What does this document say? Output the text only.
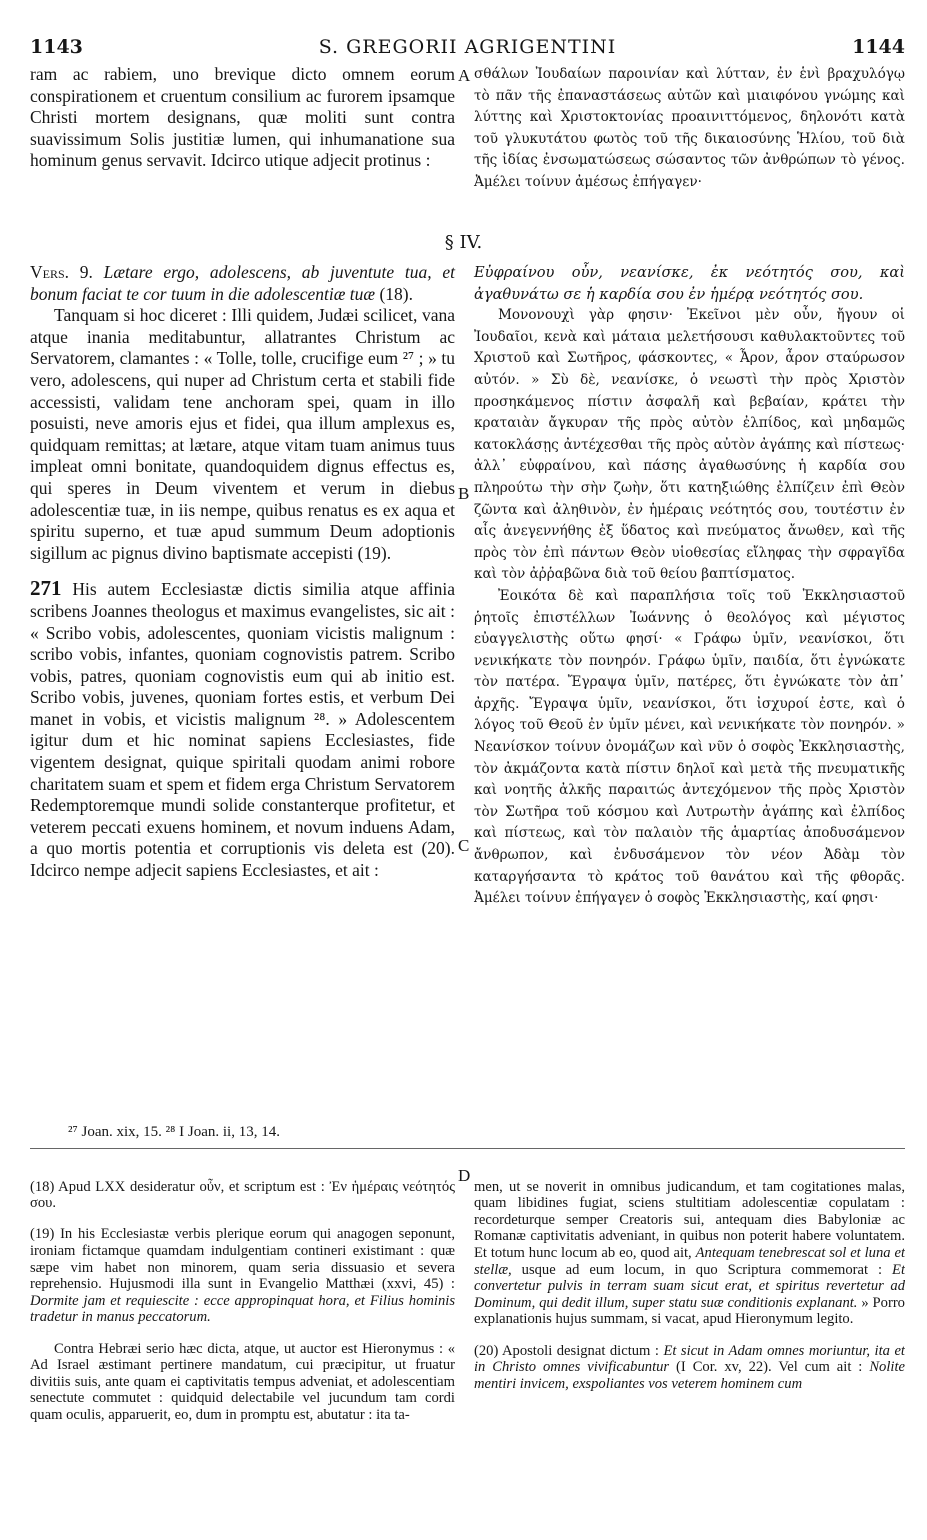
1143	S. GREGORII AGRIGENTINI	1144

ram ac rabiem, uno brevique dicto omnem eorum conspirationem et cruentum consilium ac furorem ipsamque Christi mortem designans, quæ moliti sunt contra suavissimum Solis justitiæ lumen, qui inhumanatione sua hominum genus servavit. Idcirco utique adjecit protinus :

A σθάλων Ἰουδαίων παροινίαν καὶ λύτταν, ἐν ἑνὶ βραχυλόγῳ τὸ πᾶν τῆς ἐπαναστάσεως αὐτῶν καὶ μιαιφόνου γνώμης καὶ λύττης καὶ Χριστοκτονίας προαινιττόμενος, δηλονότι κατὰ τοῦ γλυκυτάτου φωτὸς τοῦ τῆς δικαιοσύνης Ἡλίου, τοῦ διὰ τῆς ἰδίας ἐνσωματώσεως σώσαντος τῶν ἀνθρώπων τὸ γένος. Ἀμέλει τοίνυν ἀμέσως ἐπήγαγεν·

§ IV.

Vers. 9. Lætare ergo, adolescens, ab juventute tua, et bonum faciat te cor tuum in die adolescentiæ tuæ (18).

Tanquam si hoc diceret : Illi quidem, Judæi scilicet, vana atque inania meditabuntur, allatrantes Christum ac Servatorem, clamantes : « Tolle, tolle, crucifige eum ²⁷ ; » tu vero, adolescens, qui nuper ad Christum certa et stabili fide accessisti, validam tene anchoram spei, quam in illo posuisti, neve amoris ejus et fidei, qua illum amplexus es, quidquam remittas; at lætare, atque vitam tuam animus tuus impleat omni bonitate, quandoquidem dignus effectus es, qui speres in Deum viventem et verum in diebus adolescentiæ tuæ, in iis nempe, quibus renatus es ex aqua et spiritu superno, et tuæ apud summum Deum adoptionis sigillum ac pignus divino baptismate accepisti (19).

271 His autem Ecclesiastæ dictis similia atque affinia scribens Joannes theologus et maximus evangelistes, sic ait : « Scribo vobis, adolescentes, quoniam vicistis malignum : scribo vobis, infantes, quoniam cognovistis patrem. Scribo vobis, patres, quoniam cognovistis eum qui ab initio est. Scribo vobis, juvenes, quoniam fortes estis, et verbum Dei manet in vobis, et vicistis malignum ²⁸. » Adolescentem igitur dum et hic nominat sapiens Ecclesiastes, fide vigentem designat, quique spiritali quodam animi robore charitatem suam et spem et fidem erga Christum Servatorem Redemptoremque mundi solide constanterque profitetur, et veterem peccati exuens hominem, et novum induens Adam, a quo mortis potentia et corruptionis vis deleta est (20). Idcirco nempe adjecit sapiens Ecclesiastes, et ait :

B
C

Εὐφραίνου οὖν, νεανίσκε, ἐκ νεότητός σου, καὶ ἀγαθυνάτω σε ἡ καρδία σου ἐν ἡμέρᾳ νεότητός σου.

Μονονουχὶ γὰρ φησιν· Ἐκεῖνοι μὲν οὖν, ἤγουν οἱ Ἰουδαῖοι, κενὰ καὶ μάταια μελετήσουσι καθυλακτοῦντες τοῦ Χριστοῦ καὶ Σωτῆρος, φάσκοντες, « Ἆρον, ἆρον σταύρωσον αὐτόν. » Σὺ δὲ, νεανίσκε, ὁ νεωστὶ τὴν πρὸς Χριστὸν προσηκάμενος πίστιν ἀσφαλῆ καὶ βεβαίαν, κράτει τὴν κραταιὰν ἄγκυραν τῆς πρὸς αὐτὸν ἐλπίδος, καὶ μηδαμῶς κατοκλάσῃς ἀντέχεσθαι τῆς πρὸς αὐτὸν ἀγάπης καὶ πίστεως· ἀλλ᾽ εὐφραίνου, καὶ πάσης ἀγαθωσύνης ἡ καρδία σου πληρούτω τὴν σὴν ζωὴν, ὅτι κατηξιώθης ἐλπίζειν ἐπὶ Θεὸν ζῶντα καὶ ἀληθινὸν, ἐν ἡμέραις νεότητός σου, τουτέστιν ἐν αἷς ἀνεγεννήθης ἐξ ὕδατος καὶ πνεύματος ἄνωθεν, καὶ τῆς πρὸς τὸν ἐπὶ πάντων Θεὸν υἱοθεσίας εἴληφας τὴν σφραγῖδα καὶ τὸν ἀῤῥαβῶνα διὰ τοῦ θείου βαπτίσματος.

Ἐοικότα δὲ καὶ παραπλήσια τοῖς τοῦ Ἐκκλησιαστοῦ ῥητοῖς ἐπιστέλλων Ἰωάννης ὁ θεολόγος καὶ μέγιστος εὐαγγελιστὴς οὕτω φησί· « Γράφω ὑμῖν, νεανίσκοι, ὅτι νενικήκατε τὸν πονηρόν. Γράφω ὑμῖν, παιδία, ὅτι ἐγνώκατε τὸν πατέρα. Ἔγραψα ὑμῖν, πατέρες, ὅτι ἐγνώκατε τὸν ἀπ᾽ ἀρχῆς. Ἔγραψα ὑμῖν, νεανίσκοι, ὅτι ἰσχυροί ἐστε, καὶ ὁ λόγος τοῦ Θεοῦ ἐν ὑμῖν μένει, καὶ νενικήκατε τὸν πονηρόν. » Νεανίσκον τοίνυν ὀνομάζων καὶ νῦν ὁ σοφὸς Ἐκκλησιαστὴς, τὸν ἀκμάζοντα κατὰ πίστιν δηλοῖ καὶ μετὰ τῆς πνευματικῆς καὶ νοητῆς ἀλκῆς παραιτώς ἀντεχόμενον τῆς πρὸς Χριστὸν τὸν Σωτῆρα τοῦ κόσμου καὶ Λυτρωτὴν ἀγάπης καὶ ἐλπίδος καὶ πίστεως, καὶ τὸν παλαιὸν τῆς ἁμαρτίας ἀποδυσάμενον ἄνθρωπον, καὶ ἐνδυσάμενον τὸν νέον Ἀδὰμ τὸν καταργήσαντα τὸ κράτος τοῦ θανάτου καὶ τῆς φθορᾶς. Ἀμέλει τοίνυν ἐπήγαγεν ὁ σοφὸς Ἐκκλησιαστὴς, καί φησι·

²⁷ Joan. xix, 15. ²⁸ I Joan. ii, 13, 14.

(18) Apud LXX desideratur οὖν, et scriptum est : Ἐν ἡμέραις νεότητός σου.

(19) In his Ecclesiastæ verbis plerique eorum qui anagogen seponunt, ironiam fictamque quamdam indulgentiam contineri existimant : quæ sæpe vim habet non minorem, quam seria dissuasio et severa reprehensio. Hujusmodi illa sunt in Evangelio Matthæi (xxvi, 45) : Dormite jam et requiescite : ecce appropinquat hora, et Filius hominis tradetur in manus peccatorum.

Contra Hebræi serio hæc dicta, atque, ut auctor est Hieronymus : « Ad Israel æstimant pertinere mandatum, cui præcipitur, ut fruatur divitiis suis, ante quam ei captivitatis tempus adveniat, et adolescentiam senectute commutet : quidquid delectabile vel jucundum tam cordi quam oculis, apparuerit, eo, dum in promptu est, abutatur : ita ta-

D

men, ut se noverit in omnibus judicandum, et tam cogitationes malas, quam libidines fugiat, sciens stultitiam adolescentiæ copulatam : recordeturque semper Creatoris sui, antequam dies Babyloniæ ac Romanæ captivitatis adveniant, in quibus non poterit habere voluntatem. Et totum hunc locum ab eo, quod ait, Antequam tenebrescat sol et luna et stellæ, usque ad eum locum, in quo Scriptura commemorat : Et convertetur pulvis in terram suam sicut erat, et spiritus revertetur ad Dominum, qui dedit illum, super statu suæ conditionis explanant. » Porro explanationis hujus summam, si vacat, apud Hieronymum legito.

(20) Apostoli designat dictum : Et sicut in Adam omnes moriuntur, ita et in Christo omnes vivificabuntur (I Cor. xv, 22). Vel cum ait : Nolite mentiri invicem, exspoliantes vos veterem hominem cum
